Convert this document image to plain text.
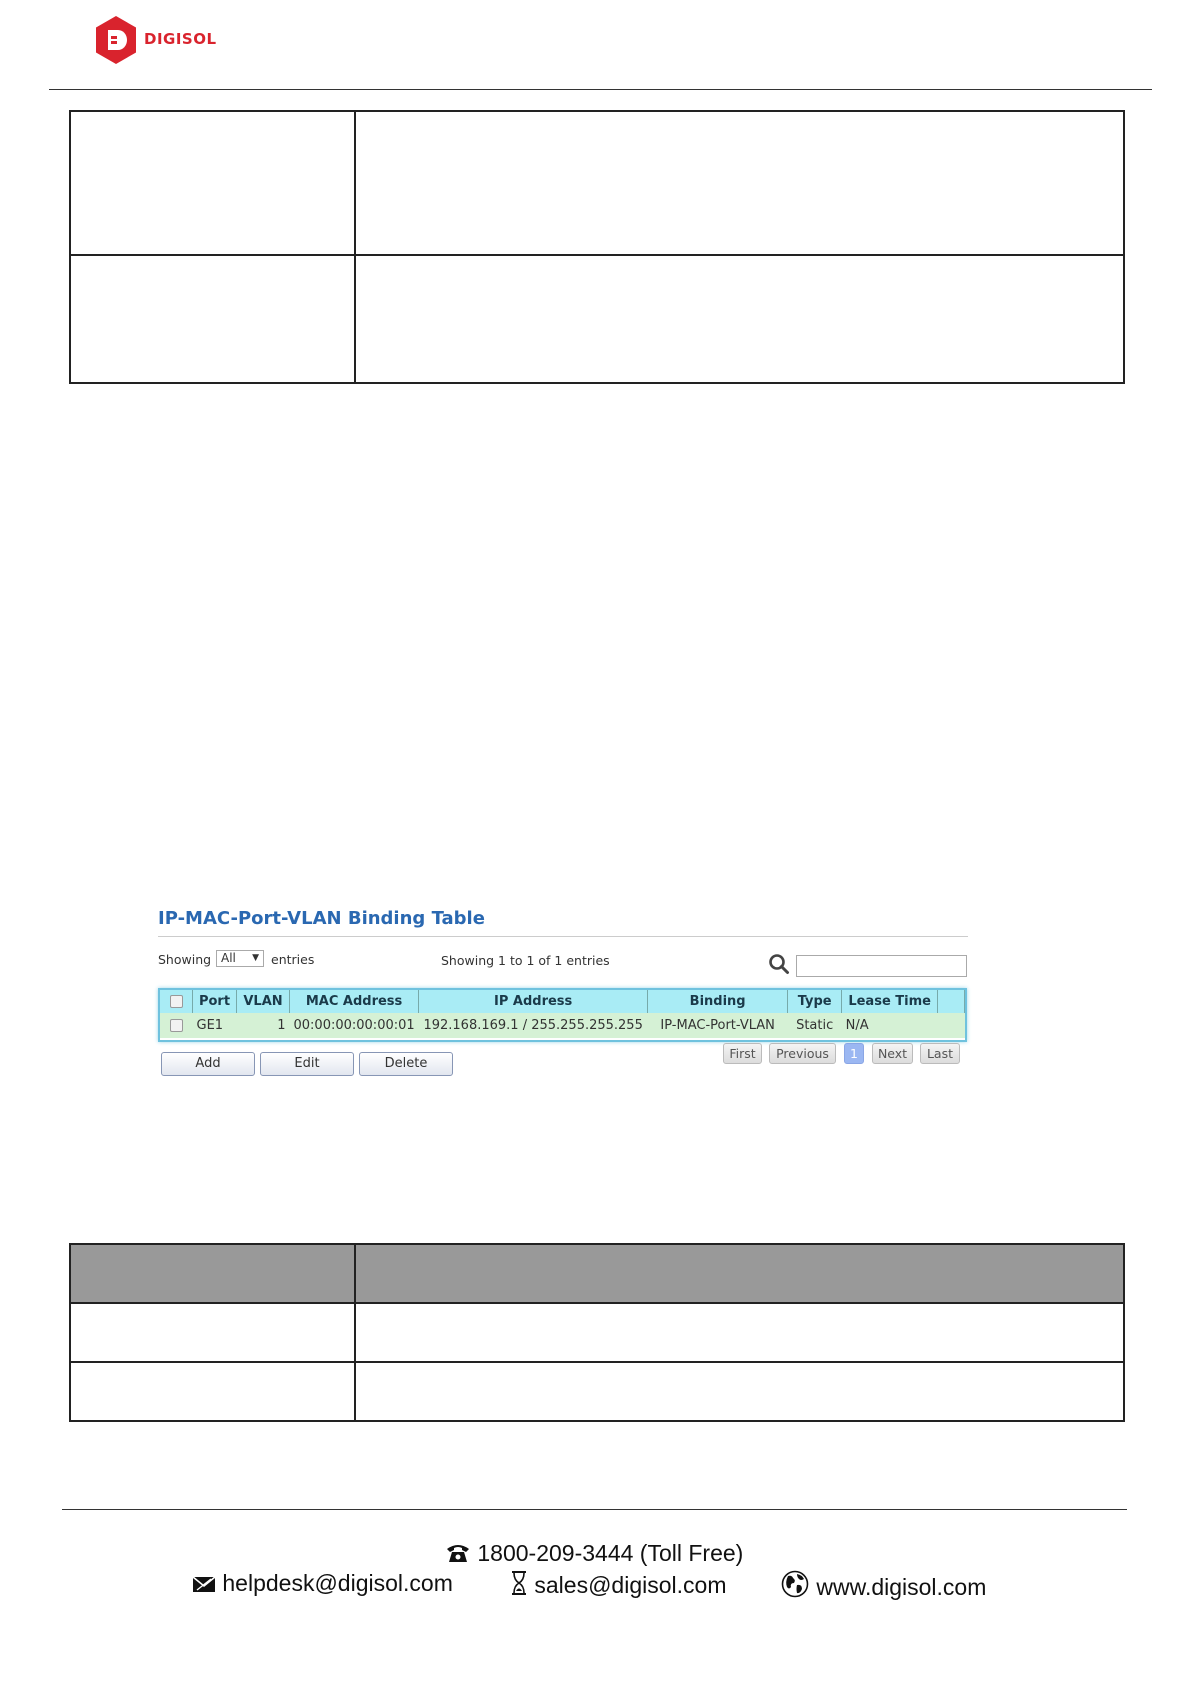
DIGISOL

IP-MAC-Port-VLAN Binding Table
Showing All ▼ entries	Showing 1 to 1 of 1 entries
	Port	VLAN	MAC Address	IP Address	Binding	Type	Lease Time	
	GE1	1	00:00:00:00:00:01	192.168.169.1 / 255.255.255.255	IP-MAC-Port-VLAN	Static	N/A	
Add	Edit	Delete
First	Previous	1	Next	Last

1800-209-3444 (Toll Free)
helpdesk@digisol.com	sales@digisol.com	www.digisol.com
